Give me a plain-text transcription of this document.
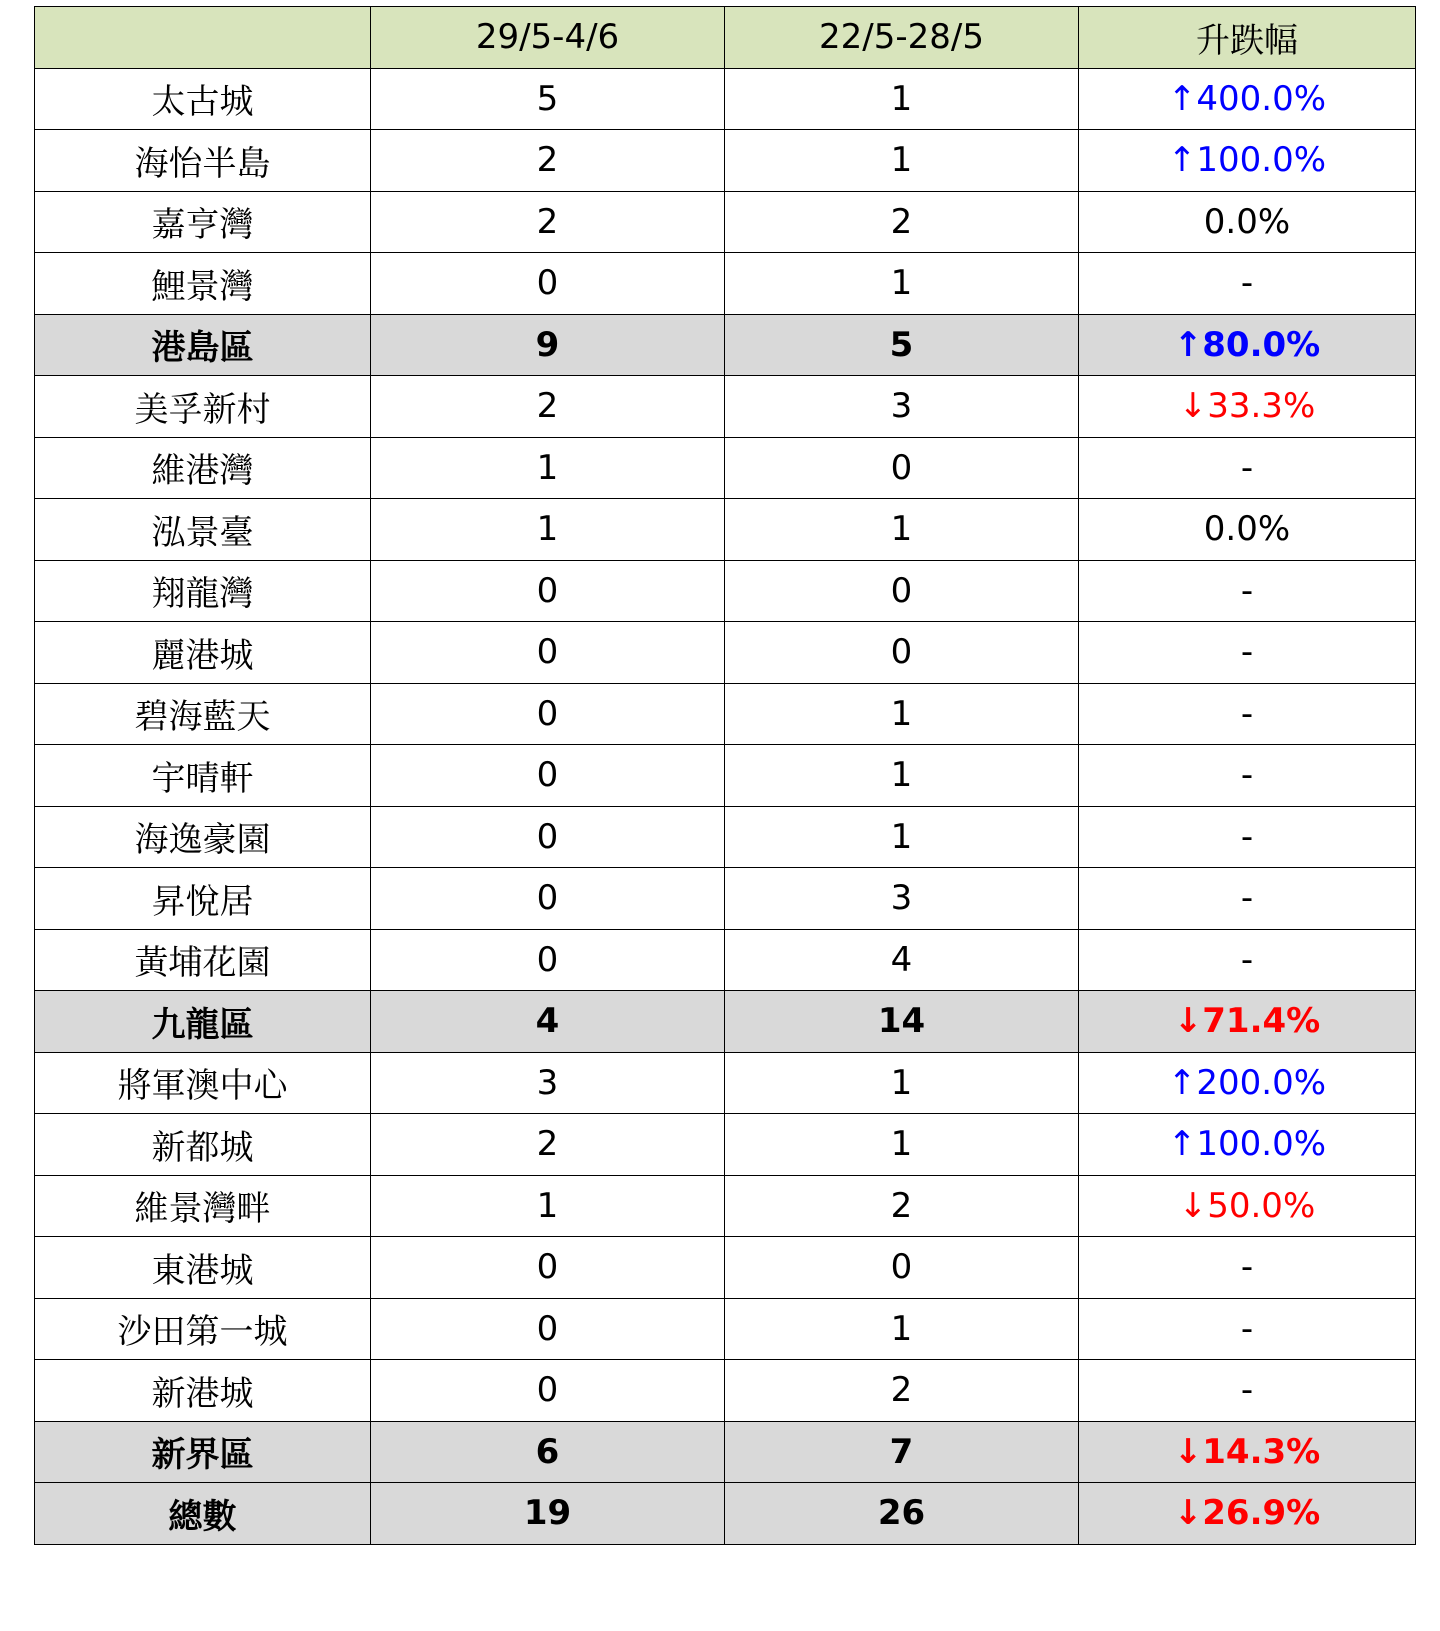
	29/5-4/6	22/5-28/5	升跌幅
太古城	5	1	↑400.0%
海怡半島	2	1	↑100.0%
嘉亨灣	2	2	0.0%
鯉景灣	0	1	-
港島區	9	5	↑80.0%
美孚新村	2	3	↓33.3%
維港灣	1	0	-
泓景臺	1	1	0.0%
翔龍灣	0	0	-
麗港城	0	0	-
碧海藍天	0	1	-
宇晴軒	0	1	-
海逸豪園	0	1	-
昇悅居	0	3	-
黃埔花園	0	4	-
九龍區	4	14	↓71.4%
將軍澳中心	3	1	↑200.0%
新都城	2	1	↑100.0%
維景灣畔	1	2	↓50.0%
東港城	0	0	-
沙田第一城	0	1	-
新港城	0	2	-
新界區	6	7	↓14.3%
總數	19	26	↓26.9%
